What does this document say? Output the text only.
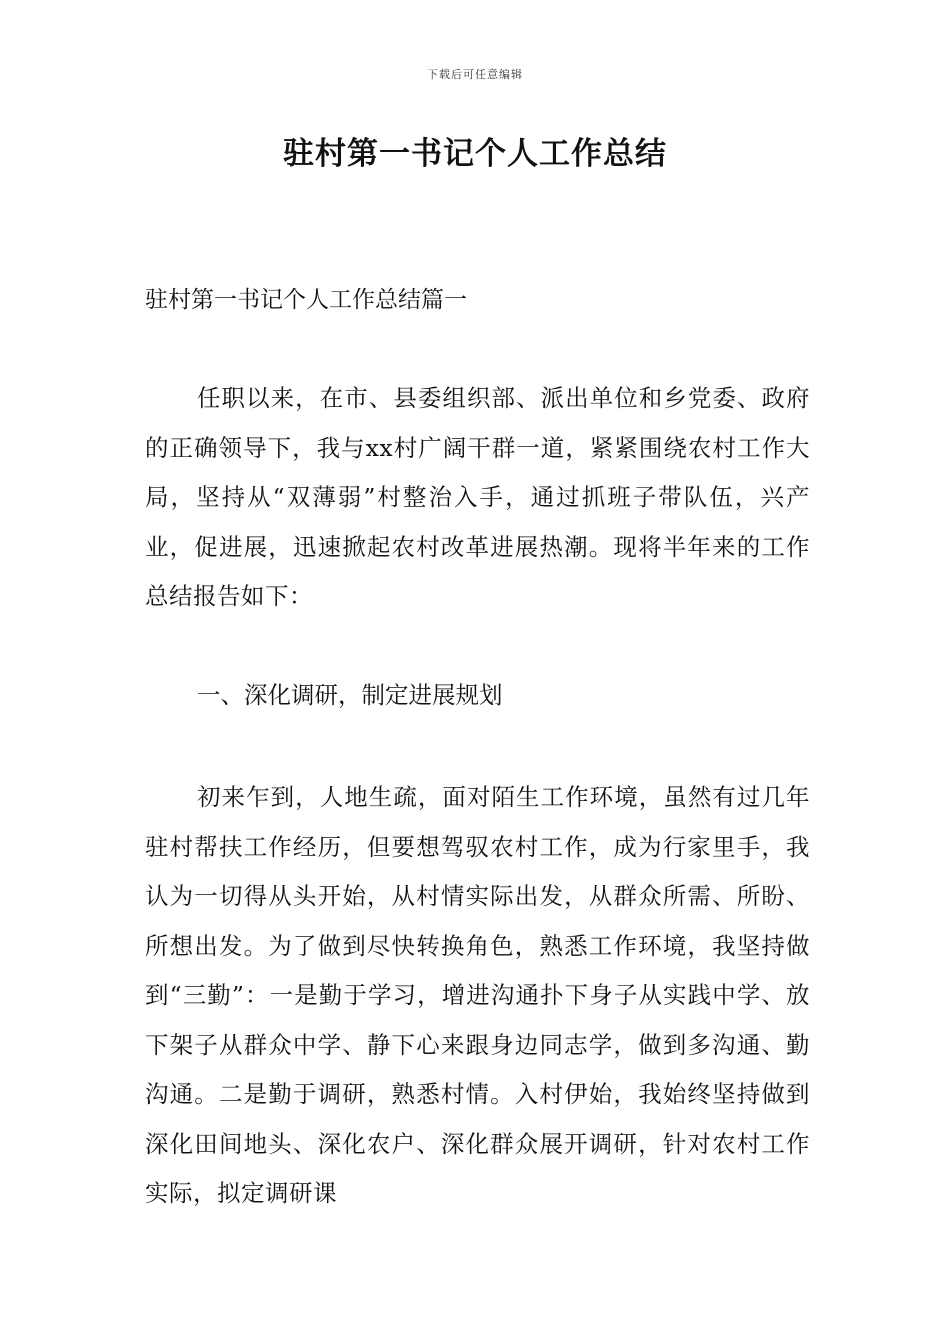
下载后可任意编辑
驻村第一书记个人工作总结

驻村第一书记个人工作总结篇一

任职以来，在市、县委组织部、派出单位和乡党委、政府的正确领导下，我与xx村广阔干群一道，紧紧围绕农村工作大局，坚持从“双薄弱”村整治入手，通过抓班子带队伍，兴产业，促进展，迅速掀起农村改革进展热潮。现将半年来的工作总结报告如下：

一、深化调研，制定进展规划

初来乍到，人地生疏，面对陌生工作环境，虽然有过几年驻村帮扶工作经历，但要想驾驭农村工作，成为行家里手，我认为一切得从头开始，从村情实际出发，从群众所需、所盼、所想出发。为了做到尽快转换角色，熟悉工作环境，我坚持做到“三勤”：一是勤于学习，增进沟通扑下身子从实践中学、放下架子从群众中学、静下心来跟身边同志学，做到多沟通、勤沟通。二是勤于调研，熟悉村情。入村伊始，我始终坚持做到深化田间地头、深化农户、深化群众展开调研，针对农村工作实际，拟定调研课
